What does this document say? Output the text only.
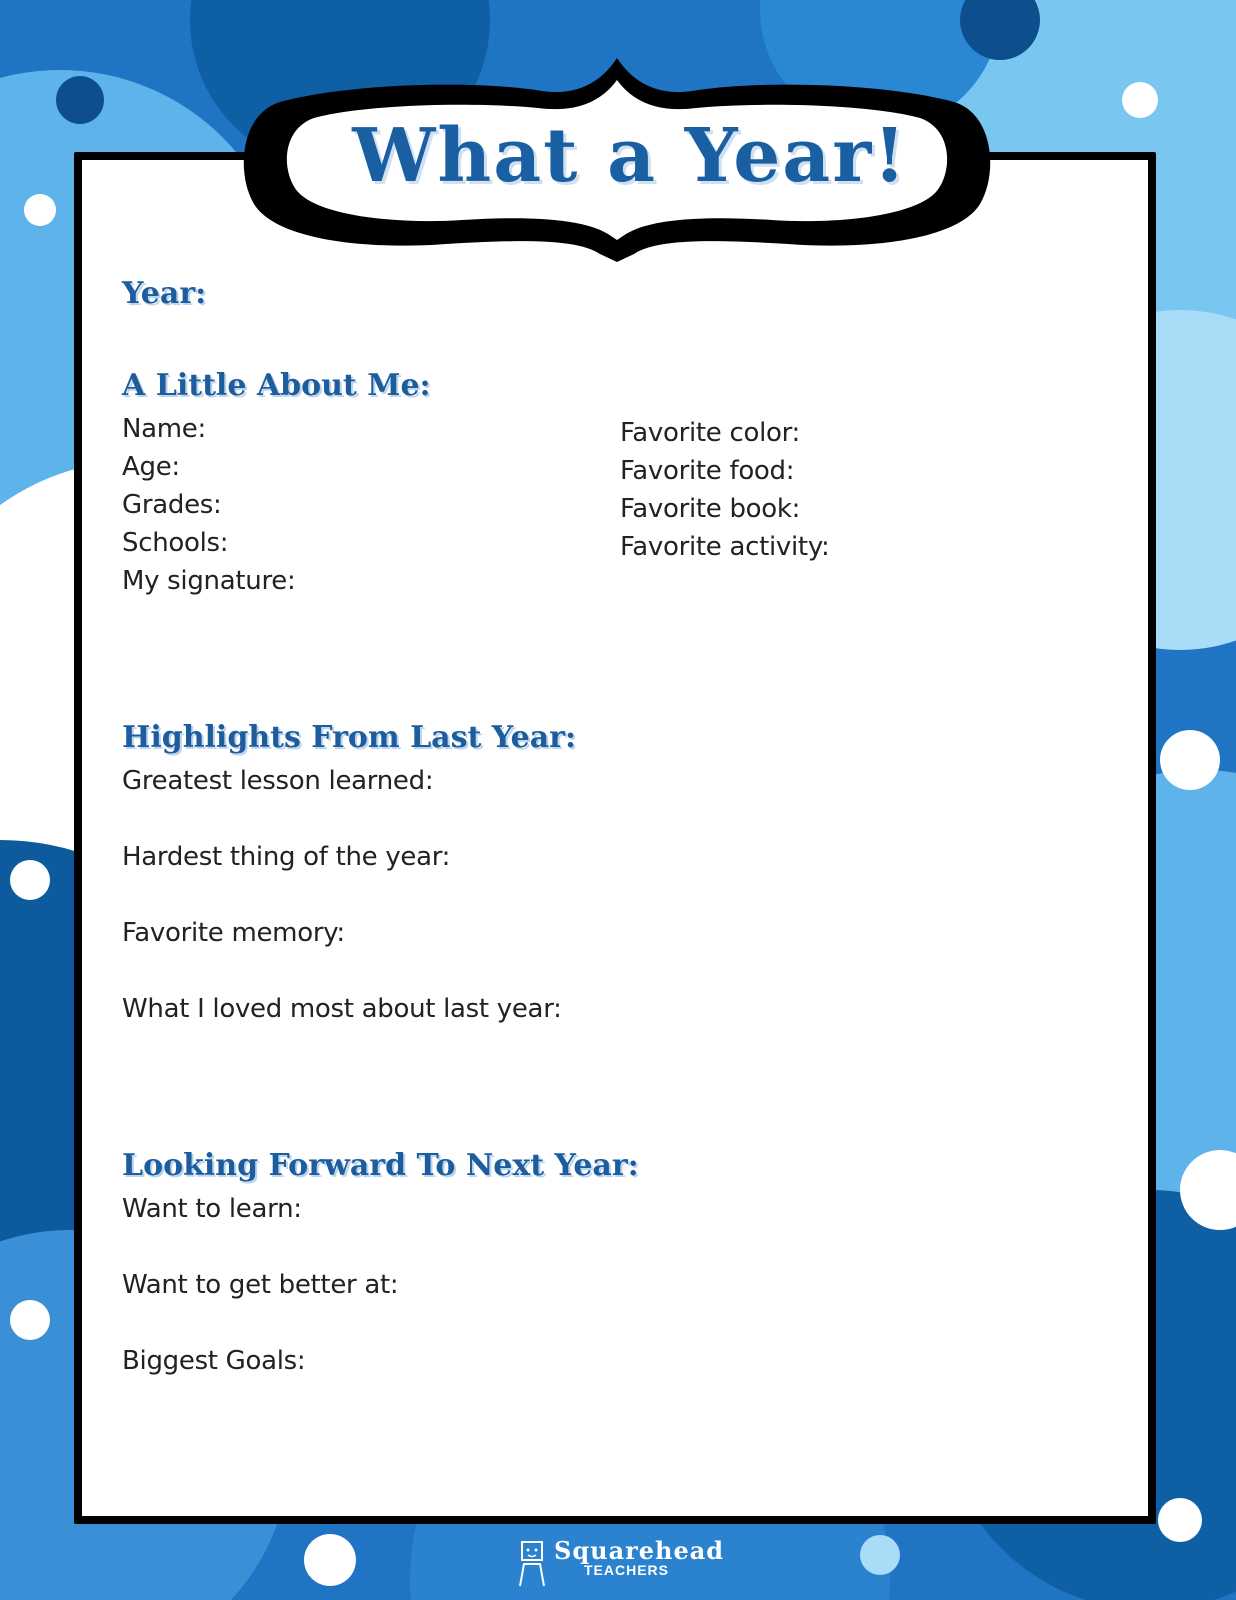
What a Year!
Year:
A Little About Me:
Name:
Age:
Grades:
Schools:
My signature:
Favorite color:
Favorite food:
Favorite book:
Favorite activity:
Highlights From Last Year:
Greatest lesson learned:
Hardest thing of the year:
Favorite memory:
What I loved most about last year:
Looking Forward To Next Year:
Want to learn:
Want to get better at:
Biggest Goals:
Squarehead
TEACHERS
